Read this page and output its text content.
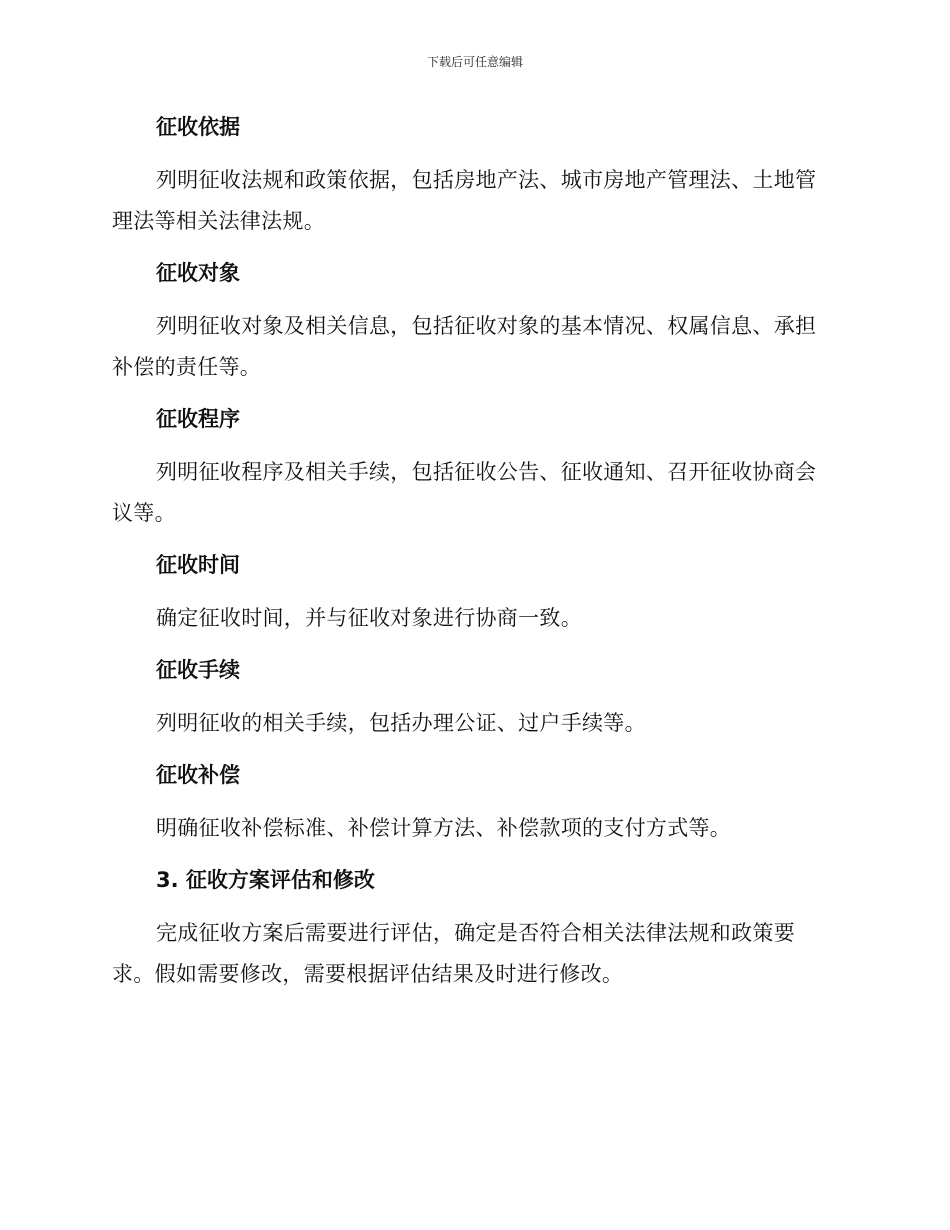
下载后可任意编辑
征收依据
列明征收法规和政策依据，包括房地产法、城市房地产管理法、土地管理法等相关法律法规。
征收对象
列明征收对象及相关信息，包括征收对象的基本情况、权属信息、承担补偿的责任等。
征收程序
列明征收程序及相关手续，包括征收公告、征收通知、召开征收协商会议等。
征收时间
确定征收时间，并与征收对象进行协商一致。
征收手续
列明征收的相关手续，包括办理公证、过户手续等。
征收补偿
明确征收补偿标准、补偿计算方法、补偿款项的支付方式等。
3. 征收方案评估和修改
完成征收方案后需要进行评估，确定是否符合相关法律法规和政策要求。假如需要修改，需要根据评估结果及时进行修改。
